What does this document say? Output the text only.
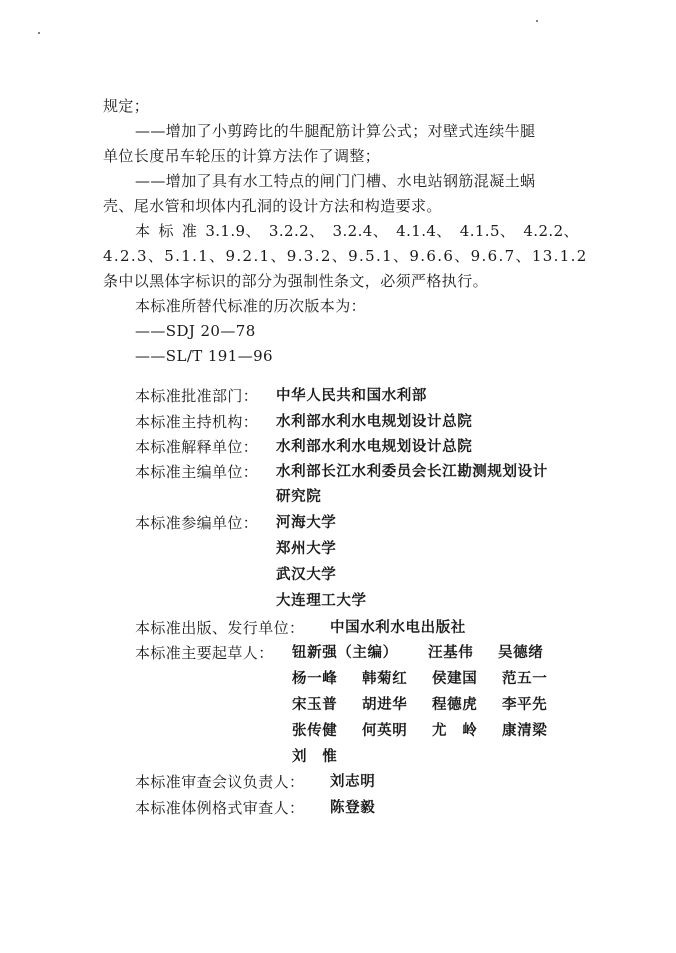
规定；
——增加了小剪跨比的牛腿配筋计算公式；对壁式连续牛腿
单位长度吊车轮压的计算方法作了调整；
——增加了具有水工特点的闸门门槽、水电站钢筋混凝土蜗
壳、尾水管和坝体内孔洞的设计方法和构造要求。
本 标 准 3.1.9、 3.2.2、 3.2.4、 4.1.4、 4.1.5、 4.2.2、
4.2.3、5.1.1、9.2.1、9.3.2、9.5.1、9.6.6、9.6.7、13.1.2
条中以黑体字标识的部分为强制性条文，必须严格执行。
本标准所替代标准的历次版本为：
——SDJ 20—78
——SL/T 191—96
本标准批准部门： 中华人民共和国水利部
本标准主持机构： 水利部水利水电规划设计总院
本标准解释单位： 水利部水利水电规划设计总院
本标准主编单位： 水利部长江水利委员会长江勘测规划设计
研究院
本标准参编单位： 河海大学
郑州大学
武汉大学
大连理工大学
本标准出版、发行单位： 中国水利水电出版社
本标准主要起草人： 钮新强（主编）	汪基伟	吴德绪
杨一峰	韩菊红	侯建国	范五一
宋玉普	胡进华	程德虎	李平先
张传健	何英明	尤　岭	康清梁
刘　惟
本标准审查会议负责人： 刘志明
本标准体例格式审查人： 陈登毅
